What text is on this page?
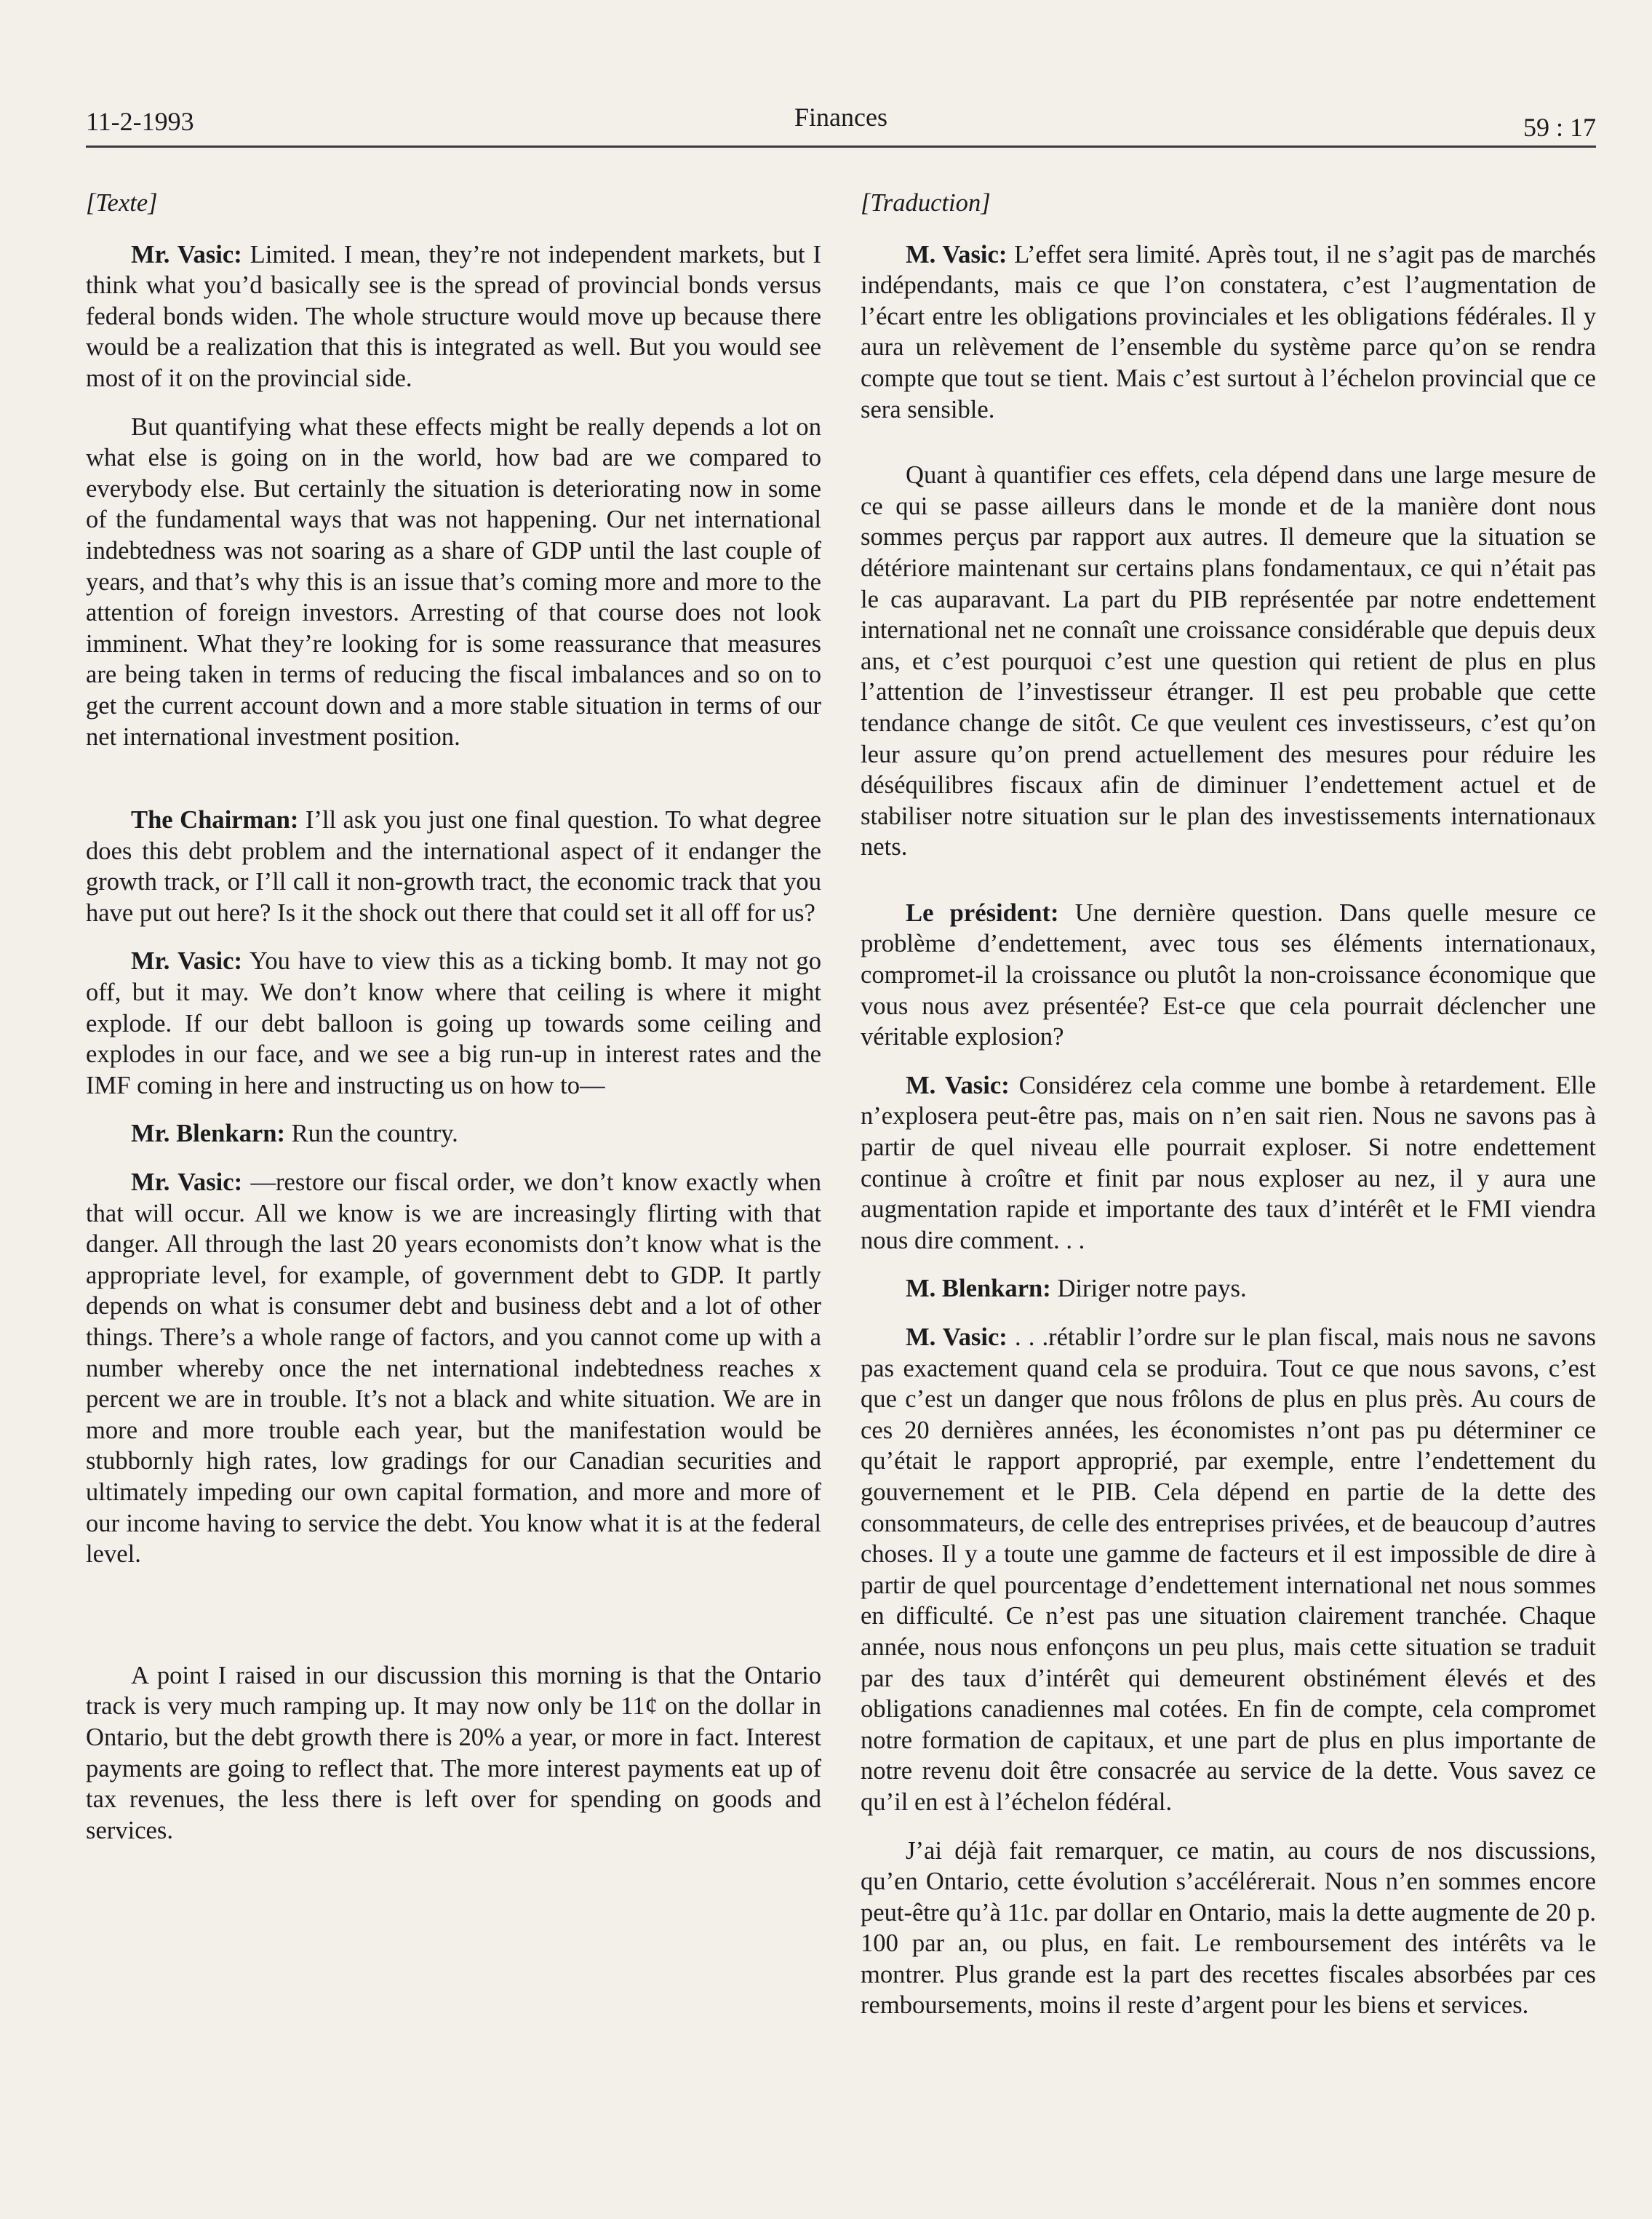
11-2-1993	Finances	59 : 17
[Texte]

Mr. Vasic: Limited. I mean, they’re not independent markets, but I think what you’d basically see is the spread of provincial bonds versus federal bonds widen. The whole structure would move up because there would be a realization that this is integrated as well. But you would see most of it on the provincial side.

But quantifying what these effects might be really depends a lot on what else is going on in the world, how bad are we compared to everybody else. But certainly the situation is deteriorating now in some of the fundamental ways that was not happening. Our net international indebtedness was not soaring as a share of GDP until the last couple of years, and that’s why this is an issue that’s coming more and more to the attention of foreign investors. Arresting of that course does not look imminent. What they’re looking for is some reassurance that measures are being taken in terms of reducing the fiscal imbalances and so on to get the current account down and a more stable situation in terms of our net international investment position.

The Chairman: I’ll ask you just one final question. To what degree does this debt problem and the international aspect of it endanger the growth track, or I’ll call it non-growth tract, the economic track that you have put out here? Is it the shock out there that could set it all off for us?

Mr. Vasic: You have to view this as a ticking bomb. It may not go off, but it may. We don’t know where that ceiling is where it might explode. If our debt balloon is going up towards some ceiling and explodes in our face, and we see a big run-up in interest rates and the IMF coming in here and instructing us on how to—

Mr. Blenkarn: Run the country.

Mr. Vasic: —restore our fiscal order, we don’t know exactly when that will occur. All we know is we are increasingly flirting with that danger. All through the last 20 years economists don’t know what is the appropriate level, for example, of government debt to GDP. It partly depends on what is consumer debt and business debt and a lot of other things. There’s a whole range of factors, and you cannot come up with a number whereby once the net international indebtedness reaches x percent we are in trouble. It’s not a black and white situation. We are in more and more trouble each year, but the manifestation would be stubbornly high rates, low gradings for our Canadian securities and ultimately impeding our own capital formation, and more and more of our income having to service the debt. You know what it is at the federal level.

A point I raised in our discussion this morning is that the Ontario track is very much ramping up. It may now only be 11¢ on the dollar in Ontario, but the debt growth there is 20% a year, or more in fact. Interest payments are going to reflect that. The more interest payments eat up of tax revenues, the less there is left over for spending on goods and services.

[Traduction]

M. Vasic: L’effet sera limité. Après tout, il ne s’agit pas de marchés indépendants, mais ce que l’on constatera, c’est l’augmentation de l’écart entre les obligations provinciales et les obligations fédérales. Il y aura un relèvement de l’ensemble du système parce qu’on se rendra compte que tout se tient. Mais c’est surtout à l’échelon provincial que ce sera sensible.

Quant à quantifier ces effets, cela dépend dans une large mesure de ce qui se passe ailleurs dans le monde et de la manière dont nous sommes perçus par rapport aux autres. Il demeure que la situation se détériore maintenant sur certains plans fondamentaux, ce qui n’était pas le cas auparavant. La part du PIB représentée par notre endettement international net ne connaît une croissance considérable que depuis deux ans, et c’est pourquoi c’est une question qui retient de plus en plus l’attention de l’investisseur étranger. Il est peu probable que cette tendance change de sitôt. Ce que veulent ces investisseurs, c’est qu’on leur assure qu’on prend actuellement des mesures pour réduire les déséquilibres fiscaux afin de diminuer l’endettement actuel et de stabiliser notre situation sur le plan des investissements internationaux nets.

Le président: Une dernière question. Dans quelle mesure ce problème d’endettement, avec tous ses éléments internationaux, compromet-il la croissance ou plutôt la non-croissance économique que vous nous avez présentée? Est-ce que cela pourrait déclencher une véritable explosion?

M. Vasic: Considérez cela comme une bombe à retardement. Elle n’explosera peut-être pas, mais on n’en sait rien. Nous ne savons pas à partir de quel niveau elle pourrait exploser. Si notre endettement continue à croître et finit par nous exploser au nez, il y aura une augmentation rapide et importante des taux d’intérêt et le FMI viendra nous dire comment. . .

M. Blenkarn: Diriger notre pays.

M. Vasic: . . .rétablir l’ordre sur le plan fiscal, mais nous ne savons pas exactement quand cela se produira. Tout ce que nous savons, c’est que c’est un danger que nous frôlons de plus en plus près. Au cours de ces 20 dernières années, les économistes n’ont pas pu déterminer ce qu’était le rapport approprié, par exemple, entre l’endettement du gouvernement et le PIB. Cela dépend en partie de la dette des consommateurs, de celle des entreprises privées, et de beaucoup d’autres choses. Il y a toute une gamme de facteurs et il est impossible de dire à partir de quel pourcentage d’endettement international net nous sommes en difficulté. Ce n’est pas une situation clairement tranchée. Chaque année, nous nous enfonçons un peu plus, mais cette situation se traduit par des taux d’intérêt qui demeurent obstinément élevés et des obligations canadiennes mal cotées. En fin de compte, cela compromet notre formation de capitaux, et une part de plus en plus importante de notre revenu doit être consacrée au service de la dette. Vous savez ce qu’il en est à l’échelon fédéral.

J’ai déjà fait remarquer, ce matin, au cours de nos discussions, qu’en Ontario, cette évolution s’accélérerait. Nous n’en sommes encore peut-être qu’à 11c. par dollar en Ontario, mais la dette augmente de 20 p. 100 par an, ou plus, en fait. Le remboursement des intérêts va le montrer. Plus grande est la part des recettes fiscales absorbées par ces remboursements, moins il reste d’argent pour les biens et services.
